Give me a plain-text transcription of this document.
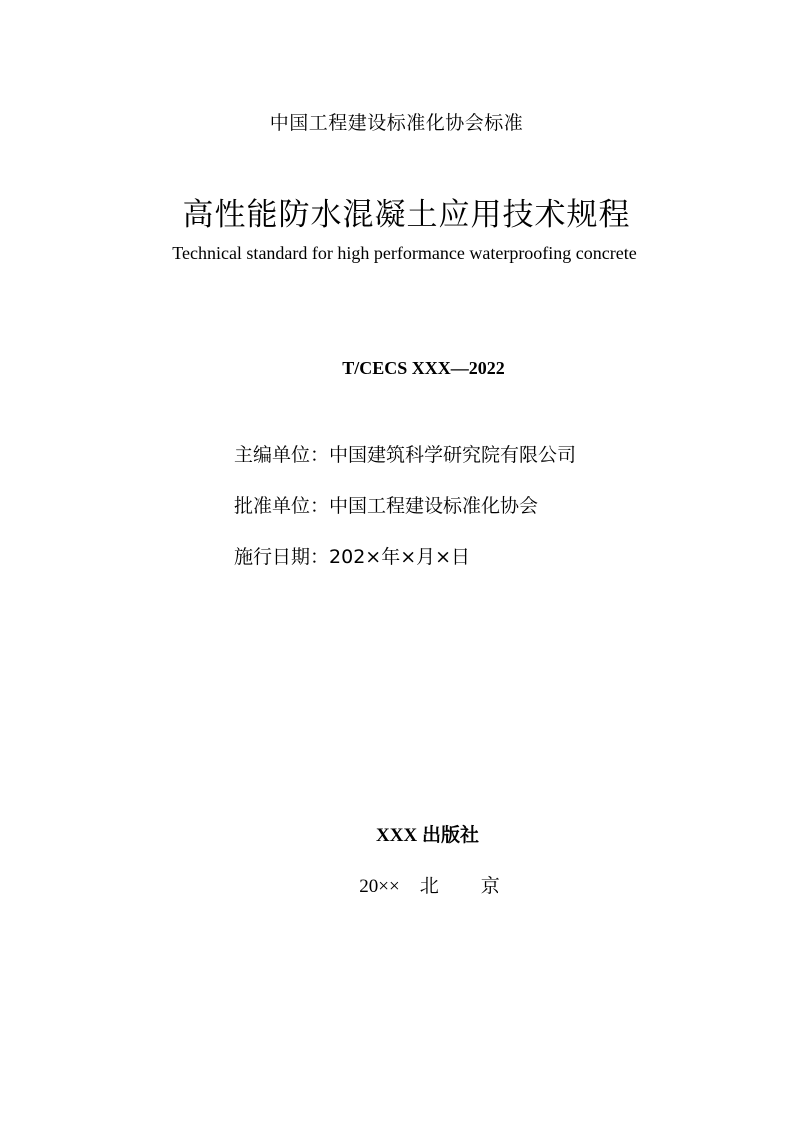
中国工程建设标准化协会标准
高性能防水混凝土应用技术规程
Technical standard for high performance waterproofing concrete
T/CECS XXX—2022
主编单位： 中国建筑科学研究院有限公司
批准单位： 中国工程建设标准化协会
施行日期： 202×年×月×日
XXX 出版社
20×× 北 京
